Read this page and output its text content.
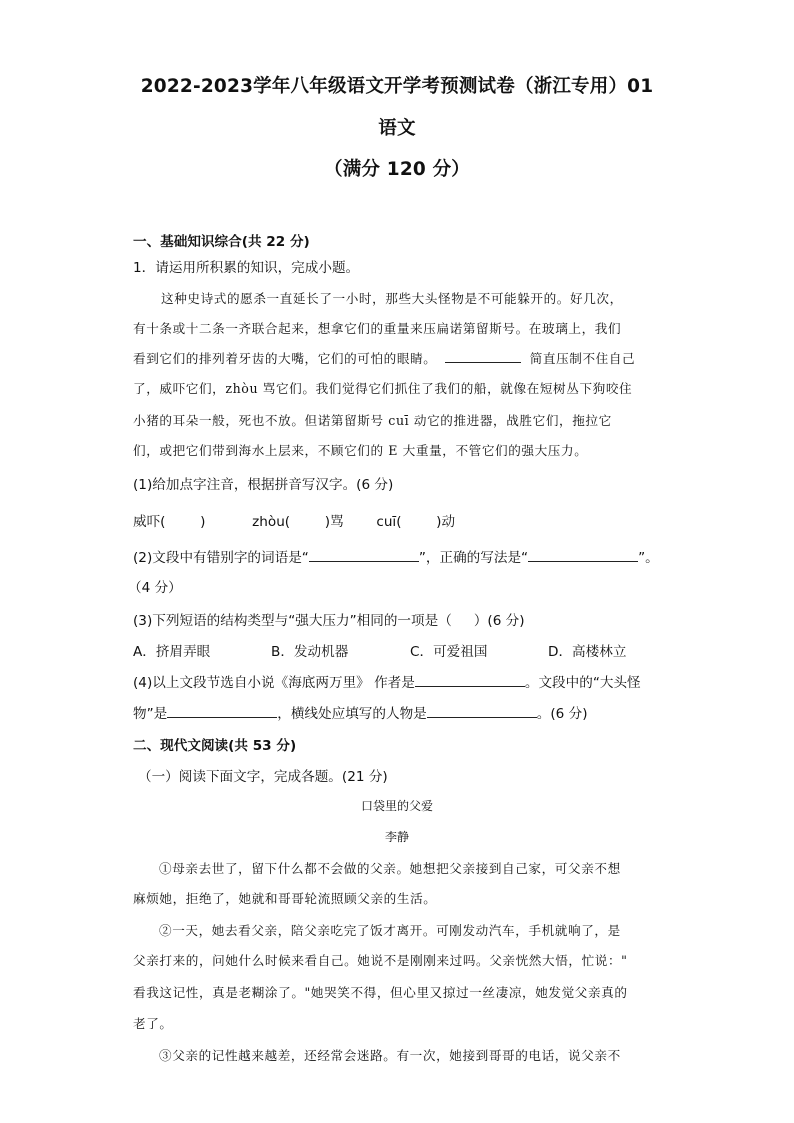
2022-2023学年八年级语文开学考预测试卷（浙江专用）01
语文
（满分 120 分）
一、基础知识综合(共 22 分)
1．请运用所积累的知识，完成小题。
这种史诗式的愿杀一直延长了一小时，那些大头怪物是不可能躲开的。好几次，
有十条或十二条一齐联合起来，想拿它们的重量来压扁诺第留斯号。在玻璃上，我们
看到它们的排列着牙齿的大嘴，它们的可怕的眼睛。	简直压制不住自己
了，威吓它们，zhòu 骂它们。我们觉得它们抓住了我们的船，就像在短树丛下狗咬住
小猪的耳朵一般，死也不放。但诺第留斯号 cuī 动它的推进器，战胜它们，拖拉它
们，或把它们带到海水上层来，不顾它们的 E 大重量，不管它们的强大压力。
(1)给加点字注音，根据拼音写汉字。(6 分)
威吓(	)	zhòu(	)骂 cuī(	)动
(2)文段中有错别字的词语是“	”，正确的写法是“	”。
（4 分）
(3)下列短语的结构类型与“强大压力”相同的一项是（ ）(6 分)
A．挤眉弄眼	B．发动机器	C．可爱祖国	D．高楼林立
(4)以上文段节选自小说《海底两万里》 作者是	。文段中的“大头怪
物”是	，横线处应填写的人物是	。(6 分)
二、现代文阅读(共 53 分)
（一）阅读下面文字，完成各题。(21 分)
口袋里的父爱
李静
①母亲去世了，留下什么都不会做的父亲。她想把父亲接到自己家，可父亲不想
麻烦她，拒绝了，她就和哥哥轮流照顾父亲的生活。
②一天，她去看父亲，陪父亲吃完了饭才离开。可刚发动汽车，手机就响了，是
父亲打来的，问她什么时候来看自己。她说不是刚刚来过吗。父亲恍然大悟，忙说："
看我这记性，真是老糊涂了。"她哭笑不得，但心里又掠过一丝凄凉，她发觉父亲真的
老了。
③父亲的记性越来越差，还经常会迷路。有一次，她接到哥哥的电话，说父亲不
